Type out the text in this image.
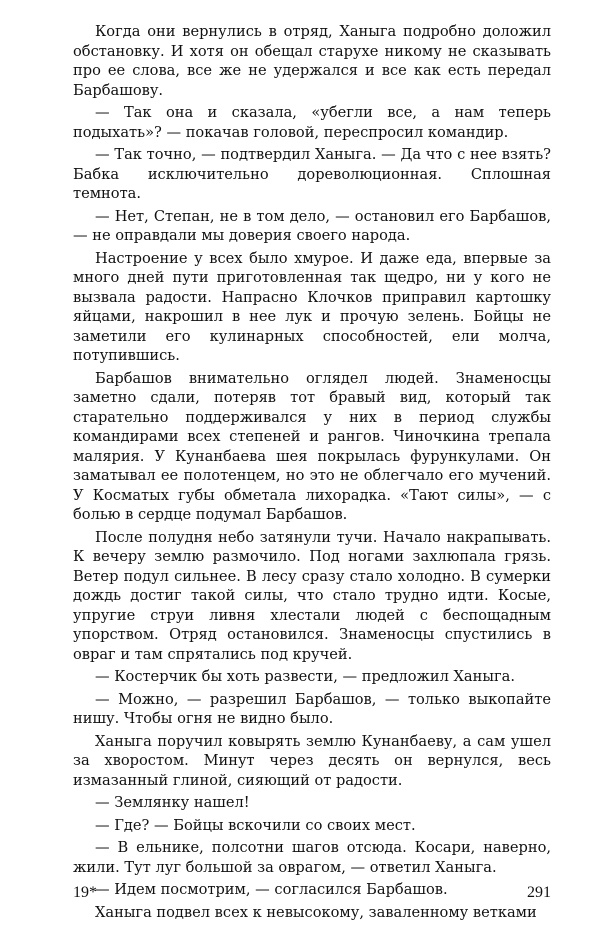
Когда они вернулись в отряд, Ханыга подробно доложил обстановку. И хотя он обещал старухе никому не сказывать про ее слова, все же не удержался и все как есть передал Барбашову.

— Так она и сказала, «убегли все, а нам теперь подыхать»? — покачав головой, переспросил командир.

— Так точно, — подтвердил Ханыга. — Да что с нее взять? Бабка исключительно дореволюционная. Сплошная темнота.

— Нет, Степан, не в том дело, — остановил его Барбашов, — не оправдали мы доверия своего народа.

Настроение у всех было хмурое. И даже еда, впервые за много дней пути приготовленная так щедро, ни у кого не вызвала радости. Напрасно Клочков приправил картошку яйцами, накрошил в нее лук и прочую зелень. Бойцы не заметили его кулинарных способностей, ели молча, потупившись.

Барбашов внимательно оглядел людей. Знаменосцы заметно сдали, потеряв тот бравый вид, который так старательно поддерживался у них в период службы командирами всех степеней и рангов. Чиночкина трепала малярия. У Кунанбаева шея покрылась фурункулами. Он заматывал ее полотенцем, но это не облегчало его мучений. У Косматых губы обметала лихорадка. «Тают силы», — с болью в сердце подумал Барбашов.

После полудня небо затянули тучи. Начало накрапывать. К вечеру землю размочило. Под ногами захлюпала грязь. Ветер подул сильнее. В лесу сразу стало холодно. В сумерки дождь достиг такой силы, что стало трудно идти. Косые, упругие струи ливня хлестали людей с беспощадным упорством. Отряд остановился. Знаменосцы спустились в овраг и там спрятались под кручей.

— Костерчик бы хоть развести, — предложил Ханыга.

— Можно, — разрешил Барбашов, — только выкопайте нишу. Чтобы огня не видно было.

Ханыга поручил ковырять землю Кунанбаеву, а сам ушел за хворостом. Минут через десять он вернулся, весь измазанный глиной, сияющий от радости.

— Землянку нашел!

— Где? — Бойцы вскочили со своих мест.

— В ельнике, полсотни шагов отсюда. Косари, наверно, жили. Тут луг большой за оврагом, — ответил Ханыга.

— Идем посмотрим, — согласился Барбашов.

Ханыга подвел всех к невысокому, заваленному ветками

19*	291
